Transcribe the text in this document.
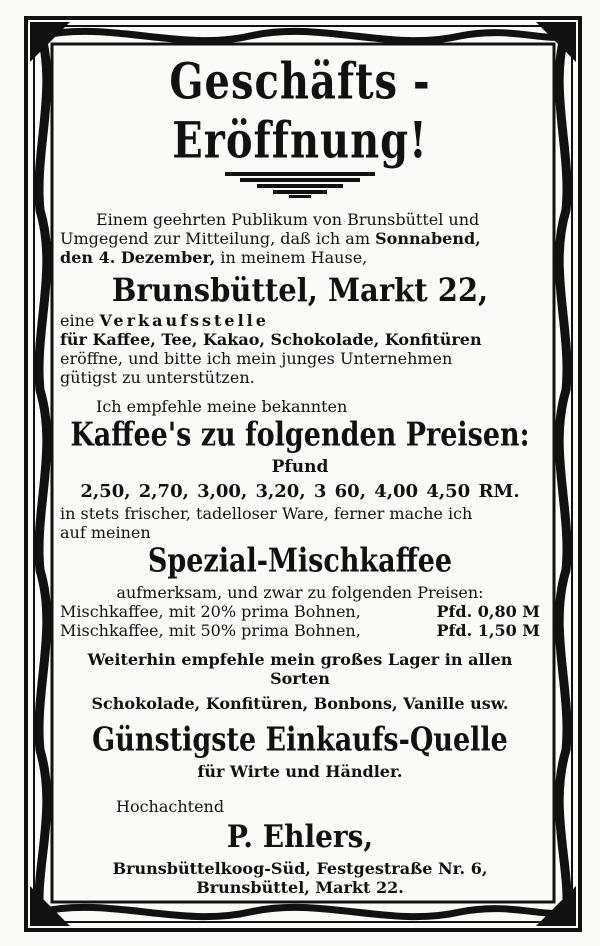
Geschäfts - Eröffnung!
Einem geehrten Publikum von Brunsbüttel und
Umgegend zur Mitteilung, daß ich am Sonnabend,
den 4. Dezember, in meinem Hause,
Brunsbüttel, Markt 22,
eine Verkaufsstelle
für Kaffee, Tee, Kakao, Schokolade, Konfitüren
eröffne, und bitte ich mein junges Unternehmen
gütigst zu unterstützen.
Ich empfehle meine bekannten
Kaffee's zu folgenden Preisen:
Pfund
2,50, 2,70, 3,00, 3,20, 3 60, 4,00 4,50 RM.
in stets frischer, tadelloser Ware, ferner mache ich
auf meinen
Spezial-Mischkaffee
aufmerksam, und zwar zu folgenden Preisen:
Mischkaffee, mit 20% prima Bohnen,	Pfd. 0,80 M
Mischkaffee, mit 50% prima Bohnen,	Pfd. 1,50 M
Weiterhin empfehle mein großes Lager in allen Sorten
Schokolade, Konfitüren, Bonbons, Vanille usw.
Günstigste Einkaufs-Quelle
für Wirte und Händler.
Hochachtend
P. Ehlers,
Brunsbüttelkoog-Süd, Festgestraße Nr. 6,
Brunsbüttel, Markt 22.
